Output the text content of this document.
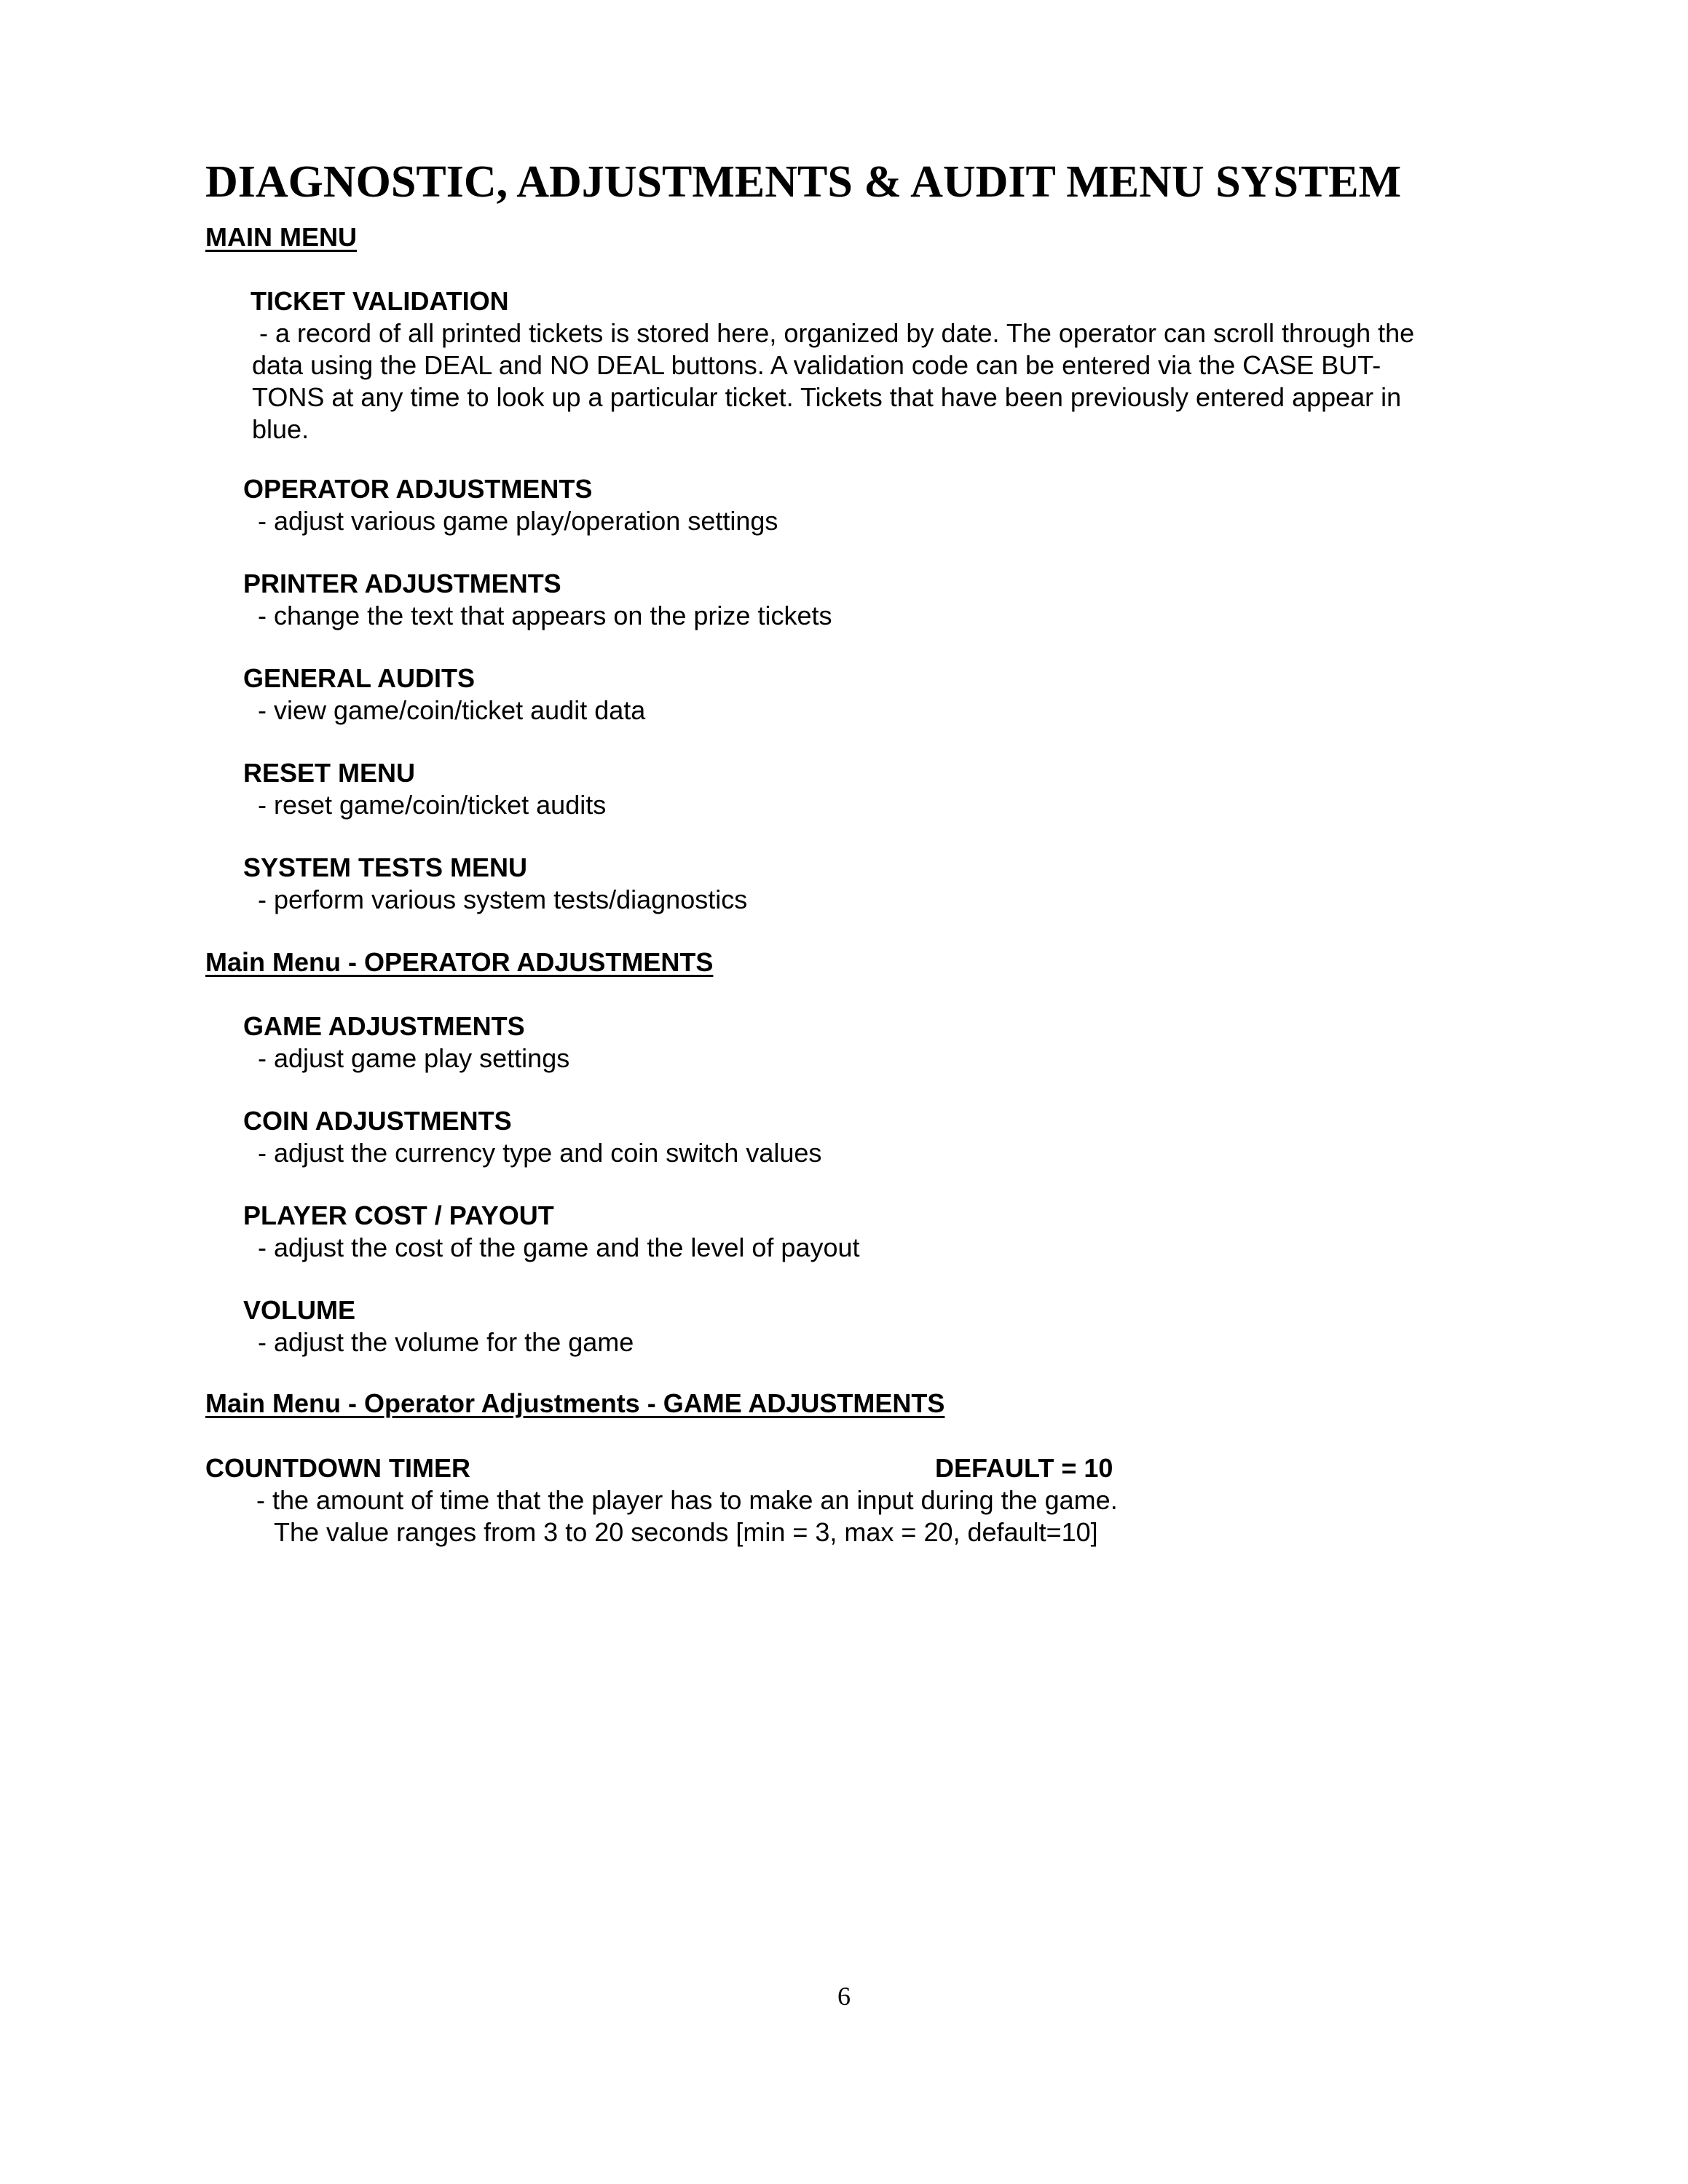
DIAGNOSTIC, ADJUSTMENTS & AUDIT MENU SYSTEM
MAIN MENU
TICKET VALIDATION
- a record of all printed tickets is stored here, organized by date. The operator can scroll through the
data using the DEAL and NO DEAL buttons. A validation code can be entered via the CASE BUT-
TONS at any time to look up a particular ticket. Tickets that have been previously entered appear in
blue.
OPERATOR ADJUSTMENTS
- adjust various game play/operation settings
PRINTER ADJUSTMENTS
- change the text that appears on the prize tickets
GENERAL AUDITS
- view game/coin/ticket audit data
RESET MENU
- reset game/coin/ticket audits
SYSTEM TESTS MENU
- perform various system tests/diagnostics
Main Menu - OPERATOR ADJUSTMENTS
GAME ADJUSTMENTS
- adjust game play settings
COIN ADJUSTMENTS
- adjust the currency type and coin switch values
PLAYER COST / PAYOUT
- adjust the cost of the game and the level of payout
VOLUME
- adjust the volume for the game
Main Menu - Operator Adjustments - GAME ADJUSTMENTS
COUNTDOWN TIMER	DEFAULT = 10
- the amount of time that the player has to make an input during the game.
The value ranges from 3 to 20 seconds [min = 3, max = 20, default=10]
6
